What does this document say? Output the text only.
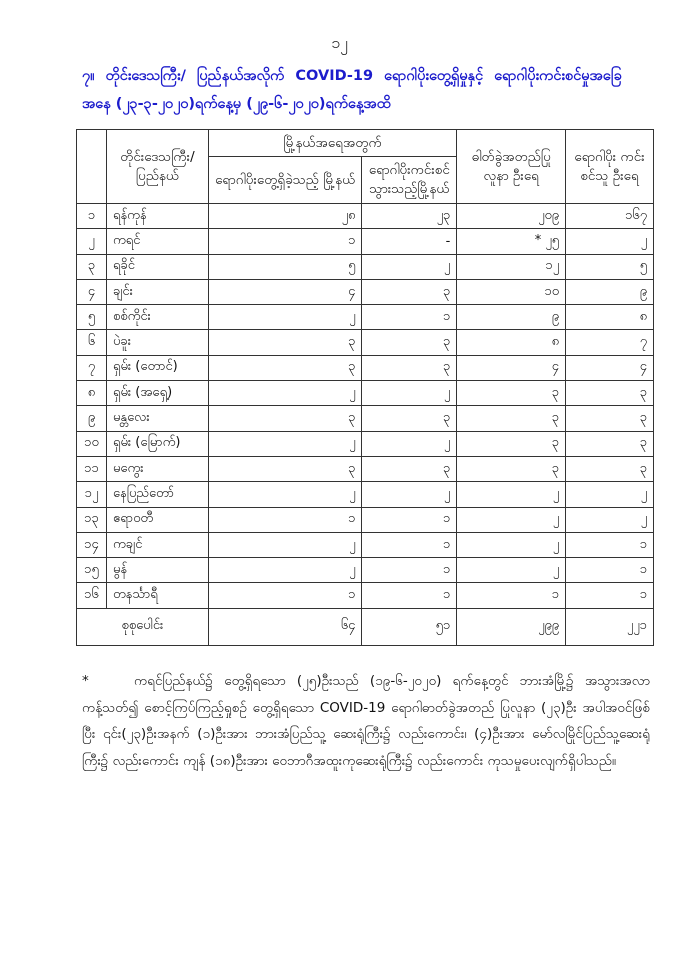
၁၂
၇။ တိုင်းဒေသကြီး/ ပြည်နယ်အလိုက် COVID-19 ရောဂါပိုးတွေ့ရှိမှုနှင့် ရောဂါပိုးကင်းစင်မှုအခြေ
အနေ (၂၃-၃-၂၀၂၀)ရက်နေ့မှ (၂၉-၆-၂၀၂၀)ရက်နေ့အထိ
	တိုင်းဒေသကြီး/ ပြည်နယ်	မြို့နယ်အရေအတွက်		ဓါတ်ခွဲအတည်ပြု လူနာ ဦးရေ	ရောဂါပိုး ကင်းစင်သူ ဦးရေ
		ရောဂါပိုးတွေ့ရှိခဲ့သည့် မြို့နယ်	ရောဂါပိုးကင်းစင် သွားသည့်မြို့နယ်		
၁	ရန်ကုန်	၂၈	၂၃	၂၀၉	၁၆၇
၂	ကရင်	၁	-	* ၂၅	၂
၃	ရခိုင်	၅	၂	၁၂	၅
၄	ချင်း	၄	၃	၁၀	၉
၅	စစ်ကိုင်း	၂	၁	၉	၈
၆	ပဲခူး	၃	၃	၈	၇
၇	ရှမ်း (တောင်)	၃	၃	၄	၄
၈	ရှမ်း (အရှေ့)	၂	၂	၃	၃
၉	မန္တလေး	၃	၃	၃	၃
၁၀	ရှမ်း (မြောက်)	၂	၂	၃	၃
၁၁	မကွေး	၃	၃	၃	၃
၁၂	နေပြည်တော်	၂	၂	၂	၂
၁၃	ဧရာဝတီ	၁	၁	၂	၂
၁၄	ကချင်	၂	၁	၂	၁
၁၅	မွန်	၂	၁	၂	၁
၁၆	တနင်္သာရီ	၁	၁	၁	၁
စုစုပေါင်း		၆၄	၅၁	၂၉၉	၂၂၁
*	ကရင်ပြည်နယ်၌ တွေ့ရှိရသော (၂၅)ဦးသည် (၁၉-၆-၂၀၂၀) ရက်နေ့တွင် ဘားအံမြို့၌ အသွားအလာကန့်သတ်၍ စောင့်ကြပ်ကြည့်ရှုစဉ် တွေ့ရှိရသော COVID-19 ရောဂါဓာတ်ခွဲအတည် ပြုလူနာ (၂၃)ဦး အပါအဝင်ဖြစ်ပြီး ၎င်း(၂၃)ဦးအနက် (၁)ဦးအား ဘားအံပြည်သူ့ ဆေးရုံကြီး၌ လည်းကောင်း၊ (၄)ဦးအား မော်လမြိုင်ပြည်သူ့ဆေးရုံကြီး၌ လည်းကောင်း ကျန် (၁၈)ဦးအား ဝေဘာဂီအထူးကုဆေးရုံကြီး၌ လည်းကောင်း ကုသမှုပေးလျက်ရှိပါသည်။
